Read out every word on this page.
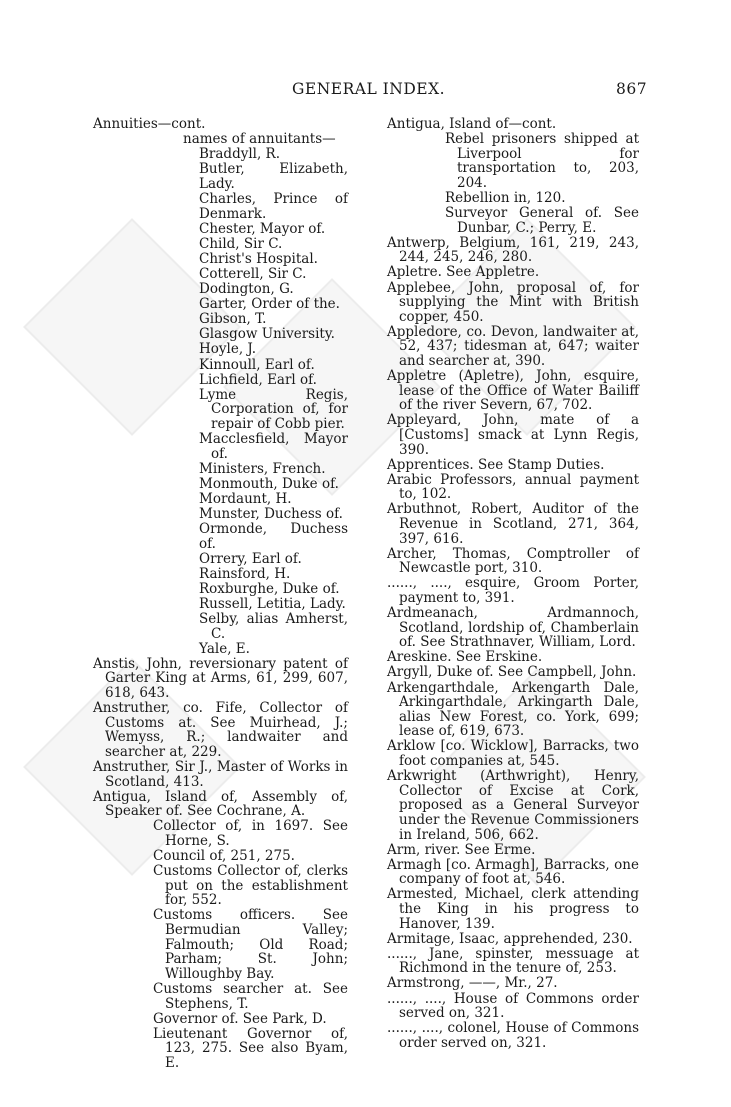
GENERAL INDEX.	867
Annuities—cont.
names of annuitants—
Braddyll, R.
Butler, Elizabeth, Lady.
Charles, Prince of Denmark.
Chester, Mayor of.
Child, Sir C.
Christ's Hospital.
Cotterell, Sir C.
Dodington, G.
Garter, Order of the.
Gibson, T.
Glasgow University.
Hoyle, J.
Kinnoull, Earl of.
Lichfield, Earl of.
Lyme Regis, Corporation of, for repair of Cobb pier.
Macclesfield, Mayor of.
Ministers, French.
Monmouth, Duke of.
Mordaunt, H.
Munster, Duchess of.
Ormonde, Duchess of.
Orrery, Earl of.
Rainsford, H.
Roxburghe, Duke of.
Russell, Letitia, Lady.
Selby, alias Amherst, C.
Yale, E.
Anstis, John, reversionary patent of Garter King at Arms, 61, 299, 607, 618, 643.
Anstruther, co. Fife, Collector of Customs at. See Muirhead, J.; Wemyss, R.; landwaiter and searcher at, 229.
Anstruther, Sir J., Master of Works in Scotland, 413.
Antigua, Island of, Assembly of, Speaker of. See Cochrane, A.
Collector of, in 1697. See Horne, S.
Council of, 251, 275.
Customs Collector of, clerks put on the establishment for, 552.
Customs officers. See Bermudian Valley; Falmouth; Old Road; Parham; St. John; Willoughby Bay.
Customs searcher at. See Stephens, T.
Governor of. See Park, D.
Lieutenant Governor of, 123, 275. See also Byam, E.
Antigua, Island of—cont.
Rebel prisoners shipped at Liverpool for transportation to, 203, 204.
Rebellion in, 120.
Surveyor General of. See Dunbar, C.; Perry, E.
Antwerp, Belgium, 161, 219, 243, 244, 245, 246, 280.
Apletre. See Appletre.
Applebee, John, proposal of, for supplying the Mint with British copper, 450.
Appledore, co. Devon, landwaiter at, 52, 437; tidesman at, 647; waiter and searcher at, 390.
Appletre (Apletre), John, esquire, lease of the Office of Water Bailiff of the river Severn, 67, 702.
Appleyard, John, mate of a [Customs] smack at Lynn Regis, 390.
Apprentices. See Stamp Duties.
Arabic Professors, annual payment to, 102.
Arbuthnot, Robert, Auditor of the Revenue in Scotland, 271, 364, 397, 616.
Archer, Thomas, Comptroller of Newcastle port, 310.
......, ...., esquire, Groom Porter, payment to, 391.
Ardmeanach, Ardmannoch, Scotland, lordship of, Chamberlain of. See Strathnaver, William, Lord.
Areskine. See Erskine.
Argyll, Duke of. See Campbell, John.
Arkengarthdale, Arkengarth Dale, Arkingarthdale, Arkingarth Dale, alias New Forest, co. York, 699; lease of, 619, 673.
Arklow [co. Wicklow], Barracks, two foot companies at, 545.
Arkwright (Arthwright), Henry, Collector of Excise at Cork, proposed as a General Surveyor under the Revenue Commissioners in Ireland, 506, 662.
Arm, river. See Erme.
Armagh [co. Armagh], Barracks, one company of foot at, 546.
Armested, Michael, clerk attending the King in his progress to Hanover, 139.
Armitage, Isaac, apprehended, 230.
......, Jane, spinster, messuage at Richmond in the tenure of, 253.
Armstrong, ——, Mr., 27.
......, ...., House of Commons order served on, 321.
......, ...., colonel, House of Commons order served on, 321.
